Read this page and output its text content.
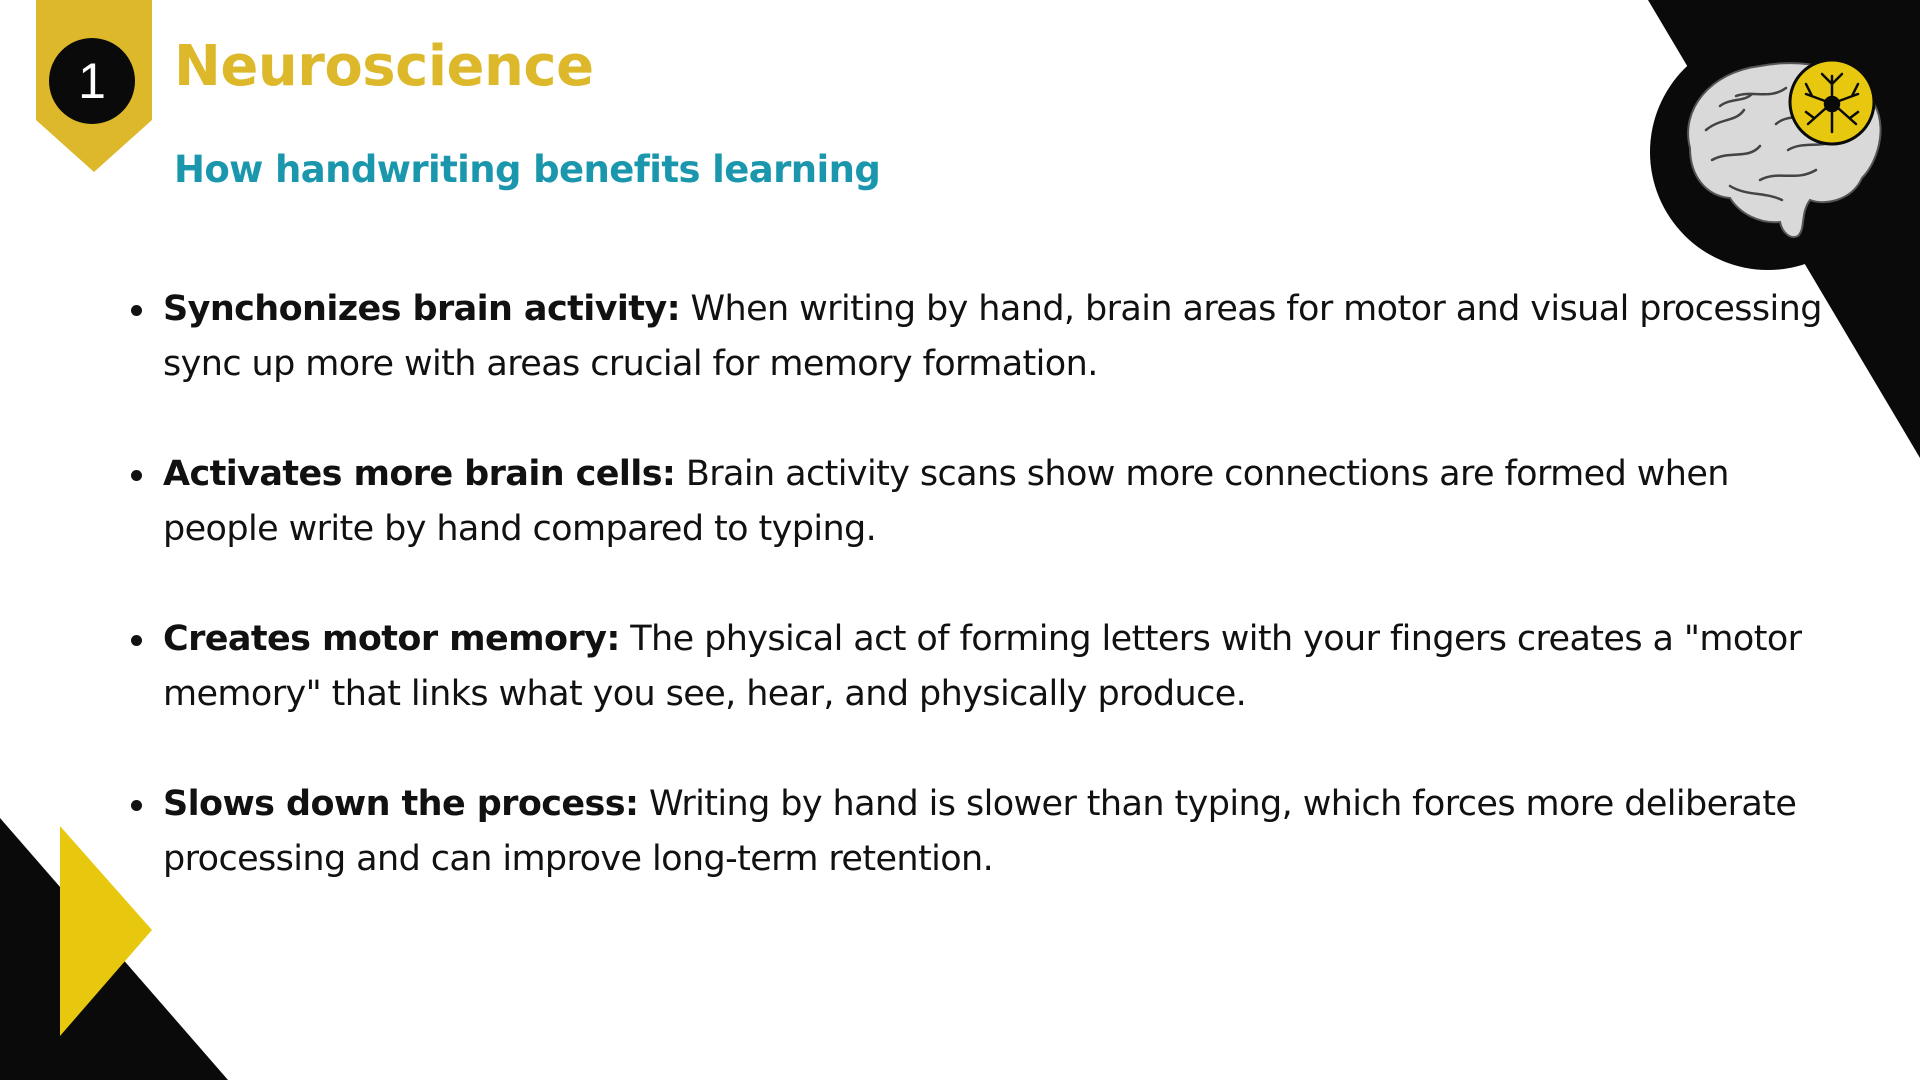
1	Neuroscience
How handwriting benefits learning
Synchonizes brain activity: When writing by hand, brain areas for motor and visual processing sync up more with areas crucial for memory formation.
Activates more brain cells: Brain activity scans show more connections are formed when people write by hand compared to typing.
Creates motor memory: The physical act of forming letters with your fingers creates a "motor memory" that links what you see, hear, and physically produce.
Slows down the process: Writing by hand is slower than typing, which forces more deliberate processing and can improve long-term retention.
